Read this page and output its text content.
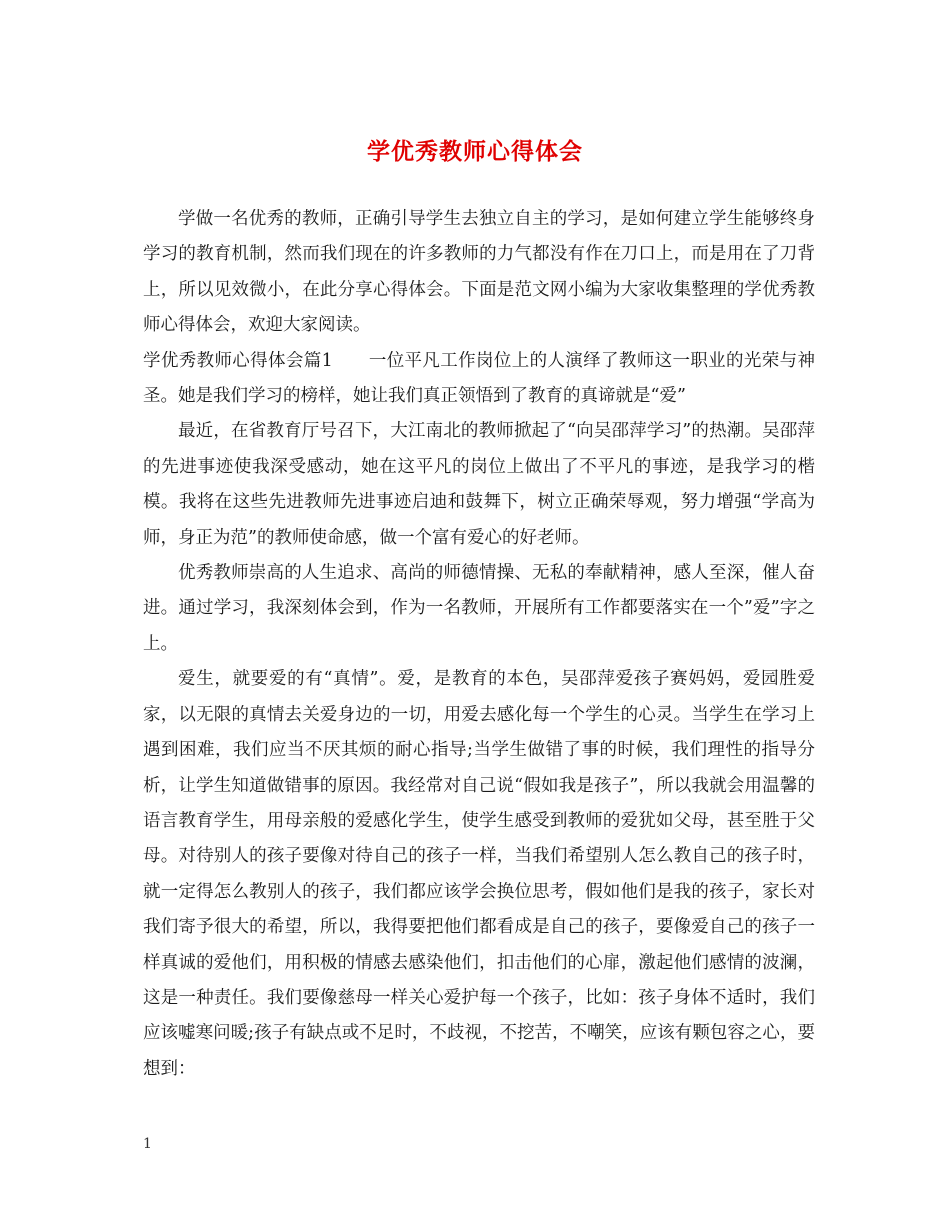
学优秀教师心得体会

学做一名优秀的教师，正确引导学生去独立自主的学习，是如何建立学生能够终身学习的教育机制，然而我们现在的许多教师的力气都没有作在刀口上，而是用在了刀背上，所以见效微小，在此分享心得体会。下面是范文网小编为大家收集整理的学优秀教师心得体会，欢迎大家阅读。

学优秀教师心得体会篇1　　一位平凡工作岗位上的人演绎了教师这一职业的光荣与神圣。她是我们学习的榜样，她让我们真正领悟到了教育的真谛就是“爱”

最近，在省教育厅号召下，大江南北的教师掀起了“向吴邵萍学习”的热潮。吴邵萍的先进事迹使我深受感动，她在这平凡的岗位上做出了不平凡的事迹，是我学习的楷模。我将在这些先进教师先进事迹启迪和鼓舞下，树立正确荣辱观，努力增强“学高为师，身正为范”的教师使命感，做一个富有爱心的好老师。

优秀教师崇高的人生追求、高尚的师德情操、无私的奉献精神，感人至深，催人奋进。通过学习，我深刻体会到，作为一名教师，开展所有工作都要落实在一个”爱”字之上。

爱生，就要爱的有“真情”。爱，是教育的本色，吴邵萍爱孩子赛妈妈，爱园胜爱家，以无限的真情去关爱身边的一切，用爱去感化每一个学生的心灵。当学生在学习上遇到困难，我们应当不厌其烦的耐心指导;当学生做错了事的时候，我们理性的指导分析，让学生知道做错事的原因。我经常对自己说“假如我是孩子”，所以我就会用温馨的语言教育学生，用母亲般的爱感化学生，使学生感受到教师的爱犹如父母，甚至胜于父母。对待别人的孩子要像对待自己的孩子一样，当我们希望别人怎么教自己的孩子时，就一定得怎么教别人的孩子，我们都应该学会换位思考，假如他们是我的孩子，家长对我们寄予很大的希望，所以，我得要把他们都看成是自己的孩子，要像爱自己的孩子一样真诚的爱他们，用积极的情感去感染他们，扣击他们的心扉，激起他们感情的波澜，这是一种责任。我们要像慈母一样关心爱护每一个孩子，比如：孩子身体不适时，我们应该嘘寒问暖;孩子有缺点或不足时，不歧视，不挖苦，不嘲笑，应该有颗包容之心，要想到：

1
